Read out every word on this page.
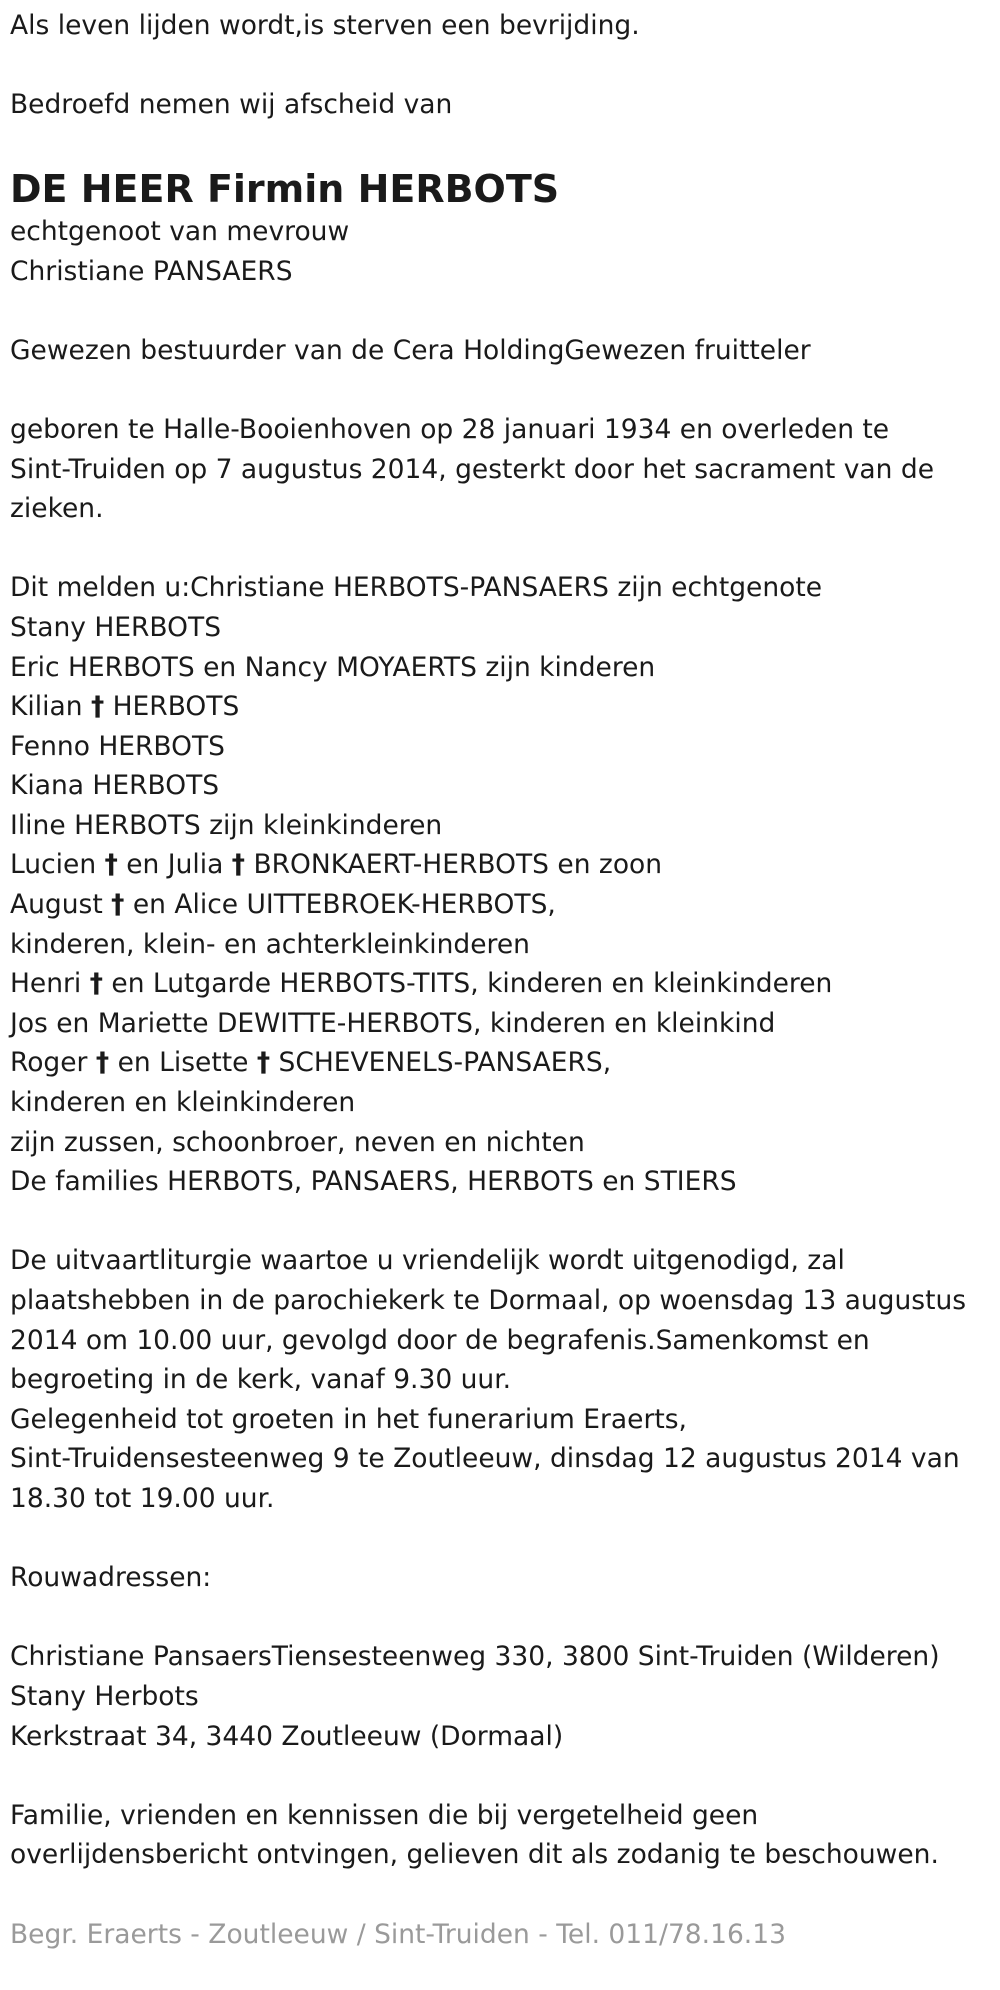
Als leven lijden wordt,is sterven een bevrijding.
Bedroefd nemen wij afscheid van
DE HEER Firmin HERBOTS
echtgenoot van mevrouw
Christiane PANSAERS
Gewezen bestuurder van de Cera HoldingGewezen fruitteler
geboren te Halle-Booienhoven op 28 januari 1934 en overleden te
Sint-Truiden op 7 augustus 2014, gesterkt door het sacrament van de
zieken.
Dit melden u:Christiane HERBOTS-PANSAERS zijn echtgenote
Stany HERBOTS
Eric HERBOTS en Nancy MOYAERTS zijn kinderen
Kilian † HERBOTS
Fenno HERBOTS
Kiana HERBOTS
Iline HERBOTS zijn kleinkinderen
Lucien † en Julia † BRONKAERT-HERBOTS en zoon
August † en Alice UITTEBROEK-HERBOTS,
kinderen, klein- en achterkleinkinderen
Henri † en Lutgarde HERBOTS-TITS, kinderen en kleinkinderen
Jos en Mariette DEWITTE-HERBOTS, kinderen en kleinkind
Roger † en Lisette † SCHEVENELS-PANSAERS,
kinderen en kleinkinderen
zijn zussen, schoonbroer, neven en nichten
De families HERBOTS, PANSAERS, HERBOTS en STIERS
De uitvaartliturgie waartoe u vriendelijk wordt uitgenodigd, zal
plaatshebben in de parochiekerk te Dormaal, op woensdag 13 augustus
2014 om 10.00 uur, gevolgd door de begrafenis.Samenkomst en
begroeting in de kerk, vanaf 9.30 uur.
Gelegenheid tot groeten in het funerarium Eraerts,
Sint-Truidensesteenweg 9 te Zoutleeuw, dinsdag 12 augustus 2014 van
18.30 tot 19.00 uur.
Rouwadressen:
Christiane PansaersTiensesteenweg 330, 3800 Sint-Truiden (Wilderen)
Stany Herbots
Kerkstraat 34, 3440 Zoutleeuw (Dormaal)
Familie, vrienden en kennissen die bij vergetelheid geen
overlijdensbericht ontvingen, gelieven dit als zodanig te beschouwen.
Begr. Eraerts - Zoutleeuw / Sint-Truiden - Tel. 011/78.16.13
